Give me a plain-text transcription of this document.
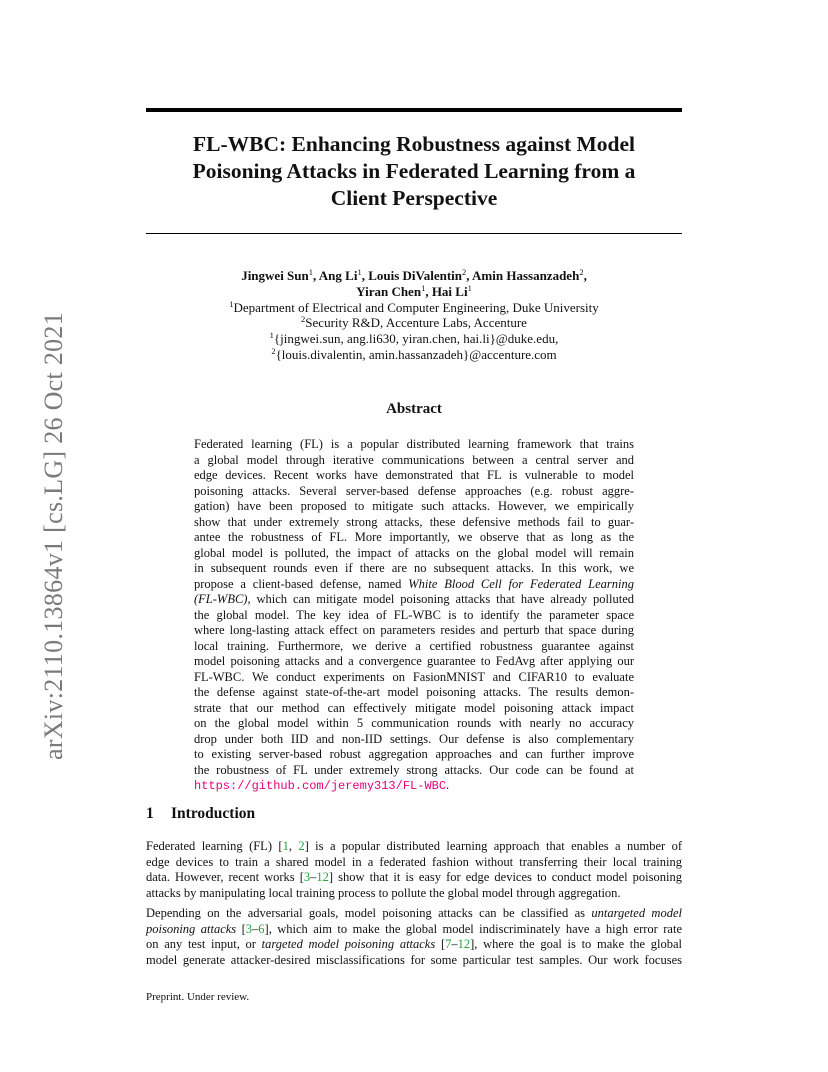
arXiv:2110.13864v1 [cs.LG] 26 Oct 2021
FL-WBC: Enhancing Robustness against Model
Poisoning Attacks in Federated Learning from a
Client Perspective
Jingwei Sun$^1$, Ang Li$^1$, Louis DiValentin$^2$, Amin Hassanzadeh$^2$,
Yiran Chen$^1$, Hai Li$^1$
$^1$Department of Electrical and Computer Engineering, Duke University
$^2$Security R&D, Accenture Labs, Accenture
$^1${jingwei.sun, ang.li630, yiran.chen, hai.li}@duke.edu,
$^2${louis.divalentin, amin.hassanzadeh}@accenture.com
Abstract
Federated learning (FL) is a popular distributed learning framework that trains
a global model through iterative communications between a central server and
edge devices. Recent works have demonstrated that FL is vulnerable to model
poisoning attacks. Several server-based defense approaches (e.g. robust aggre-
gation) have been proposed to mitigate such attacks. However, we empirically
show that under extremely strong attacks, these defensive methods fail to guar-
antee the robustness of FL. More importantly, we observe that as long as the
global model is polluted, the impact of attacks on the global model will remain
in subsequent rounds even if there are no subsequent attacks. In this work, we
propose a client-based defense, named White Blood Cell for Federated Learning
(FL-WBC), which can mitigate model poisoning attacks that have already polluted
the global model. The key idea of FL-WBC is to identify the parameter space
where long-lasting attack effect on parameters resides and perturb that space during
local training. Furthermore, we derive a certified robustness guarantee against
model poisoning attacks and a convergence guarantee to FedAvg after applying our
FL-WBC. We conduct experiments on FasionMNIST and CIFAR10 to evaluate
the defense against state-of-the-art model poisoning attacks. The results demon-
strate that our method can effectively mitigate model poisoning attack impact
on the global model within 5 communication rounds with nearly no accuracy
drop under both IID and non-IID settings. Our defense is also complementary
to existing server-based robust aggregation approaches and can further improve
the robustness of FL under extremely strong attacks. Our code can be found at
https://github.com/jeremy313/FL-WBC.
1 Introduction
Federated learning (FL) [1, 2] is a popular distributed learning approach that enables a number of
edge devices to train a shared model in a federated fashion without transferring their local training
data. However, recent works [3–12] show that it is easy for edge devices to conduct model poisoning
attacks by manipulating local training process to pollute the global model through aggregation.
Depending on the adversarial goals, model poisoning attacks can be classified as untargeted model
poisoning attacks [3–6], which aim to make the global model indiscriminately have a high error rate
on any test input, or targeted model poisoning attacks [7–12], where the goal is to make the global
model generate attacker-desired misclassifications for some particular test samples. Our work focuses
Preprint. Under review.
